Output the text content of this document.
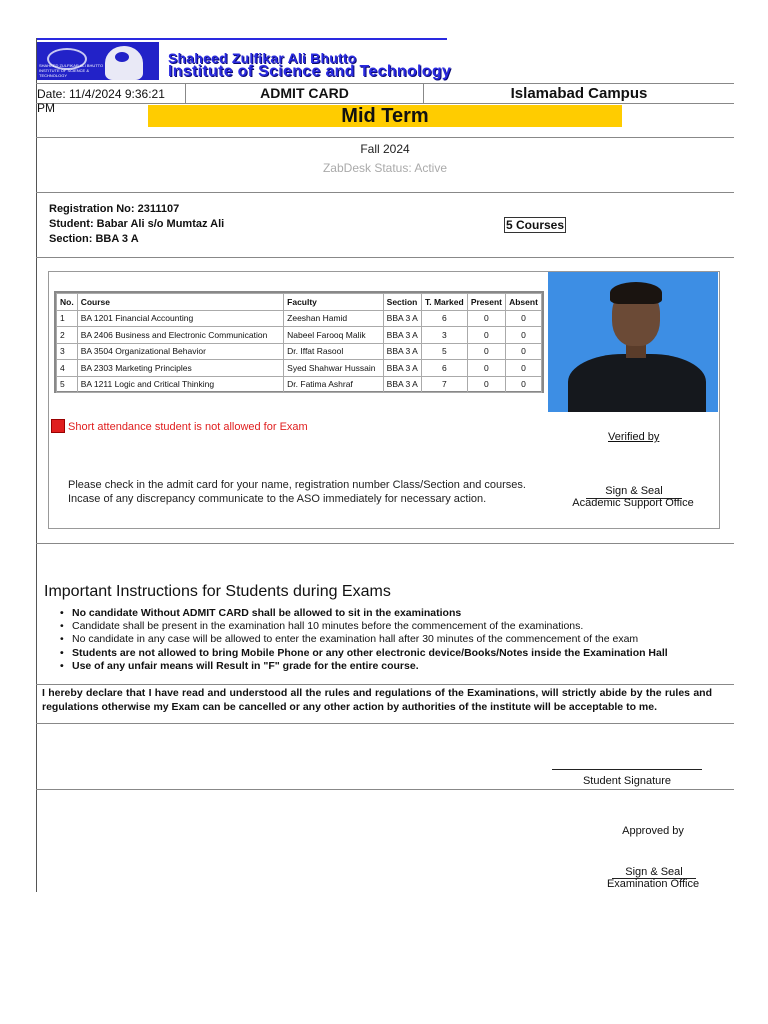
SHAHEED ZULFIKAR ALI BHUTTO INSTITUTE OF SCIENCE & TECHNOLOGY
Shaheed Zulfikar Ali Bhutto
Institute of Science and Technology
Date: 11/4/2024 9:36:21 PM
ADMIT CARD	Islamabad Campus
Mid Term
Fall 2024
ZabDesk Status: Active
Registration No: 2311107
Student: Babar Ali s/o Mumtaz Ali
Section: BBA 3 A
5 Courses
No.	Course	Faculty	Section	T. Marked	Present	Absent
1	BA 1201 Financial Accounting	Zeeshan Hamid	BBA 3 A	6	0	0
2	BA 2406 Business and Electronic Communication	Nabeel Farooq Malik	BBA 3 A	3	0	0
3	BA 3504 Organizational Behavior	Dr. Iffat Rasool	BBA 3 A	5	0	0
4	BA 2303 Marketing Principles	Syed Shahwar Hussain	BBA 3 A	6	0	0
5	BA 1211 Logic and Critical Thinking	Dr. Fatima Ashraf	BBA 3 A	7	0	0
Short attendance student is not allowed for Exam
Verified by
Please check in the admit card for your name, registration number Class/Section and courses.
Incase of any discrepancy communicate to the ASO immediately for necessary action.
Sign & Seal
Academic Support Office
Important Instructions for Students during Exams
• No candidate Without ADMIT CARD shall be allowed to sit in the examinations
• Candidate shall be present in the examination hall 10 minutes before the commencement of the examinations.
• No candidate in any case will be allowed to enter the examination hall after 30 minutes of the commencement of the exam
• Students are not allowed to bring Mobile Phone or any other electronic device/Books/Notes inside the Examination Hall
• Use of any unfair means will Result in "F" grade for the entire course.
I hereby declare that I have read and understood all the rules and regulations of the Examinations, will strictly abide by the rules and regulations otherwise my Exam can be cancelled or any other action by authorities of the institute will be acceptable to me.
Student Signature
Approved by
Sign & Seal
Examination Office
